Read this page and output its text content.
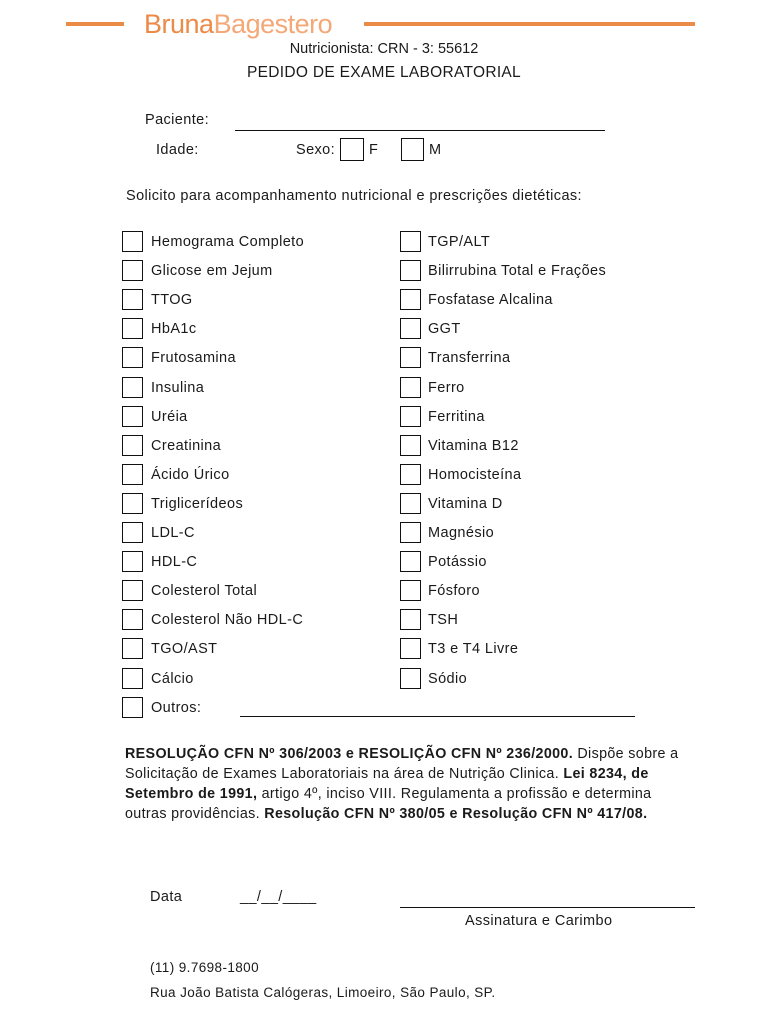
BrunaBagestero
Nutricionista: CRN - 3: 55612
PEDIDO DE EXAME LABORATORIAL
Paciente:
Idade:	Sexo: F	M
Solicito para acompanhamento nutricional e prescrições dietéticas:
Hemograma Completo
Glicose em Jejum
TTOG
HbA1c
Frutosamina
Insulina
Uréia
Creatinina
Ácido Úrico
Triglicerídeos
LDL-C
HDL-C
Colesterol Total
Colesterol Não HDL-C
TGO/AST
Cálcio
TGP/ALT
Bilirrubina Total e Frações
Fosfatase Alcalina
GGT
Transferrina
Ferro
Ferritina
Vitamina B12
Homocisteína
Vitamina D
Magnésio
Potássio
Fósforo
TSH
T3 e T4 Livre
Sódio
Outros:
RESOLUÇÃO CFN Nº 306/2003 e RESOLIÇÃO CFN Nº 236/2000. Dispõe sobre a Solicitação de Exames Laboratoriais na área de Nutrição Clinica. Lei 8234, de Setembro de 1991, artigo 4º, inciso VIII. Regulamenta a profissão e determina outras providências. Resolução CFN Nº 380/05 e Resolução CFN Nº 417/08.
Data	__/__/____
Assinatura e Carimbo
(11) 9.7698-1800
Rua João Batista Calógeras, Limoeiro, São Paulo, SP.
